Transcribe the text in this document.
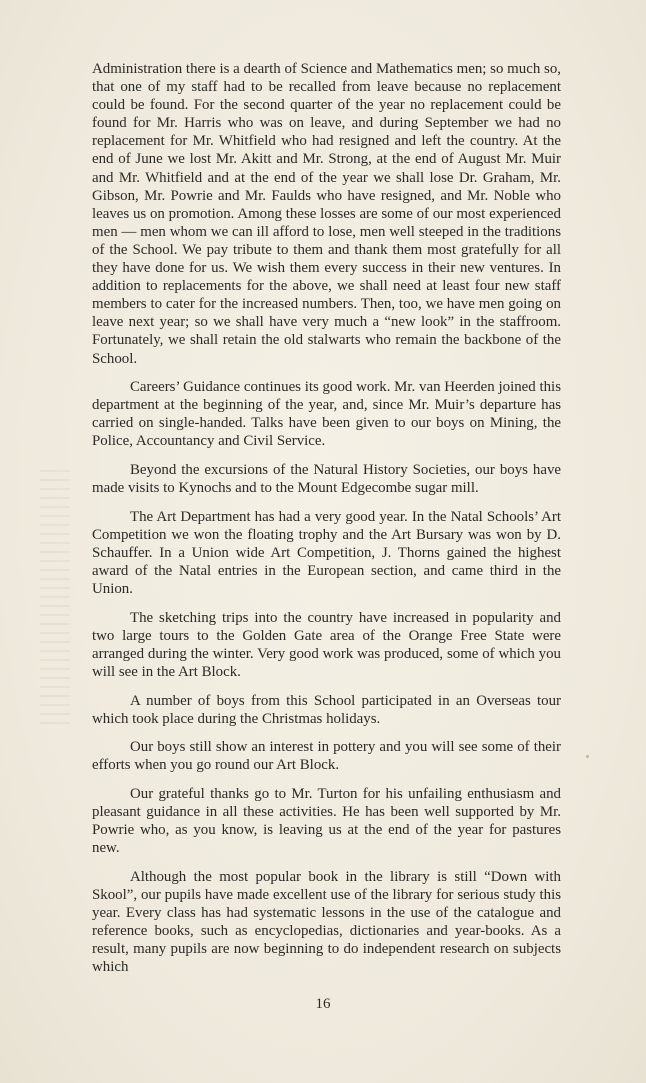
Administration there is a dearth of Science and Mathematics men; so much so, that one of my staff had to be recalled from leave because no replacement could be found. For the second quarter of the year no replacement could be found for Mr. Harris who was on leave, and during September we had no replacement for Mr. Whitfield who had resigned and left the country. At the end of June we lost Mr. Akitt and Mr. Strong, at the end of August Mr. Muir and Mr. Whitfield and at the end of the year we shall lose Dr. Graham, Mr. Gibson, Mr. Powrie and Mr. Faulds who have resigned, and Mr. Noble who leaves us on promotion. Among these losses are some of our most experienced men — men whom we can ill afford to lose, men well steeped in the traditions of the School. We pay tribute to them and thank them most gratefully for all they have done for us. We wish them every success in their new ventures. In addition to replacements for the above, we shall need at least four new staff members to cater for the increased numbers. Then, too, we have men going on leave next year; so we shall have very much a “new look” in the staffroom. Fortunately, we shall retain the old stalwarts who remain the backbone of the School.

Careers’ Guidance continues its good work. Mr. van Heerden joined this department at the beginning of the year, and, since Mr. Muir’s departure has carried on single-handed. Talks have been given to our boys on Mining, the Police, Accountancy and Civil Service.

Beyond the excursions of the Natural History Societies, our boys have made visits to Kynochs and to the Mount Edgecombe sugar mill.

The Art Department has had a very good year. In the Natal Schools’ Art Competition we won the floating trophy and the Art Bursary was won by D. Schauffer. In a Union wide Art Competition, J. Thorns gained the highest award of the Natal entries in the European section, and came third in the Union.

The sketching trips into the country have increased in popularity and two large tours to the Golden Gate area of the Orange Free State were arranged during the winter. Very good work was produced, some of which you will see in the Art Block.

A number of boys from this School participated in an Overseas tour which took place during the Christmas holidays.

Our boys still show an interest in pottery and you will see some of their efforts when you go round our Art Block.

Our grateful thanks go to Mr. Turton for his unfailing enthusiasm and pleasant guidance in all these activities. He has been well supported by Mr. Powrie who, as you know, is leaving us at the end of the year for pastures new.

Although the most popular book in the library is still “Down with Skool”, our pupils have made excellent use of the library for serious study this year. Every class has had systematic lessons in the use of the catalogue and reference books, such as encyclopedias, dictionaries and year-books. As a result, many pupils are now beginning to do independent research on subjects which

16
